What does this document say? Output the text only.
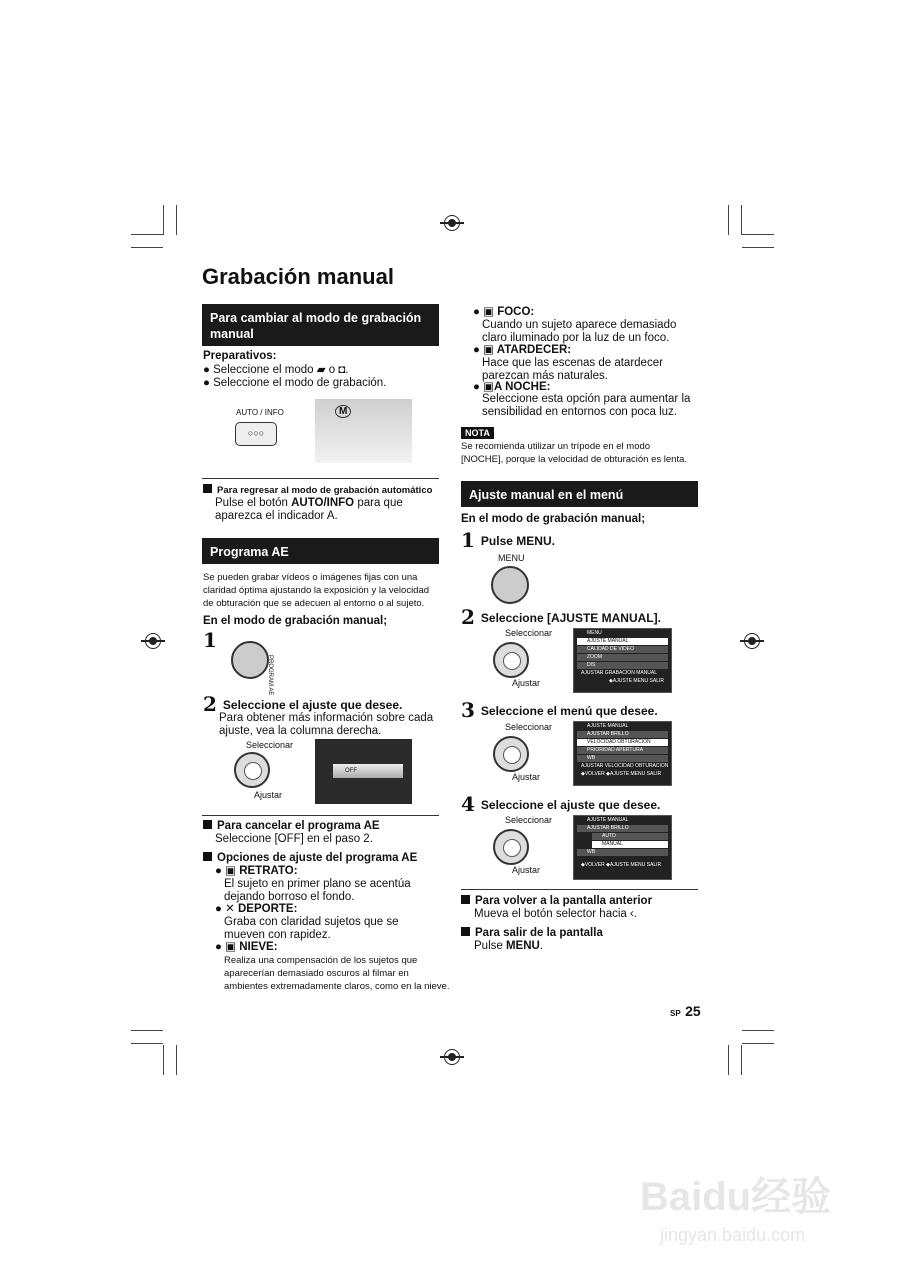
Grabación manual
Para cambiar al modo de grabación manual
Preparativos:
● Seleccione el modo ▰ o ◘.
● Seleccione el modo de grabación.
AUTO / INFO
○○○
M
Para regresar al modo de grabación automático
Pulse el botón AUTO/INFO para que
aparezca el indicador A.
Programa AE
Se pueden grabar vídeos o imágenes fijas con una
claridad óptima ajustando la exposición y la velocidad
de obturación que se adecuen al entorno o al sujeto.
En el modo de grabación manual;
1
PROGRAM AE
2 Seleccione el ajuste que desee.
Para obtener más información sobre cada
ajuste, vea la columna derecha.
Seleccionar
Ajustar
OFF
Para cancelar el programa AE
Seleccione [OFF] en el paso 2.
Opciones de ajuste del programa AE
● ▣ RETRATO:
El sujeto en primer plano se acentúa
dejando borroso el fondo.
● ✕ DEPORTE:
Graba con claridad sujetos que se
mueven con rapidez.
● ▣ NIEVE:
Realiza una compensación de los sujetos que
aparecerían demasiado oscuros al filmar en
ambientes extremadamente claros, como en la nieve.
● ▣ FOCO:
Cuando un sujeto aparece demasiado
claro iluminado por la luz de un foco.
● ▣ ATARDECER:
Hace que las escenas de atardecer
parezcan más naturales.
● ▣A NOCHE:
Seleccione esta opción para aumentar la
sensibilidad en entornos con poca luz.
NOTA
Se recomienda utilizar un trípode en el modo
[NOCHE], porque la velocidad de obturación es lenta.
Ajuste manual en el menú
En el modo de grabación manual;
1 Pulse MENU.
MENU
2 Seleccione [AJUSTE MANUAL].
Seleccionar
Ajustar
MENU
AJUSTE MANUAL
CALIDAD DE VÍDEO
ZOOM
DIS
AJUSTAR GRABACIÓN MANUAL
◆AJUSTE MENU SALIR
3 Seleccione el menú que desee.
Seleccionar
Ajustar
AJUSTE MANUAL
AJUSTAR BRILLO
VELOCIDAD OBTURACIÓN
PRIORIDAD APERTURA
WB
AJUSTAR VELOCIDAD OBTURACIÓN
◆VOLVER ◆AJUSTE MENU SALIR
4 Seleccione el ajuste que desee.
Seleccionar
Ajustar
AJUSTE MANUAL
AJUSTAR BRILLO
AUTO
MANUAL
WB
◆VOLVER ◆AJUSTE MENU SALIR
Para volver a la pantalla anterior
Mueva el botón selector hacia ‹.
Para salir de la pantalla
Pulse MENU.
SP 25
Baidu经验
jingyan.baidu.com
